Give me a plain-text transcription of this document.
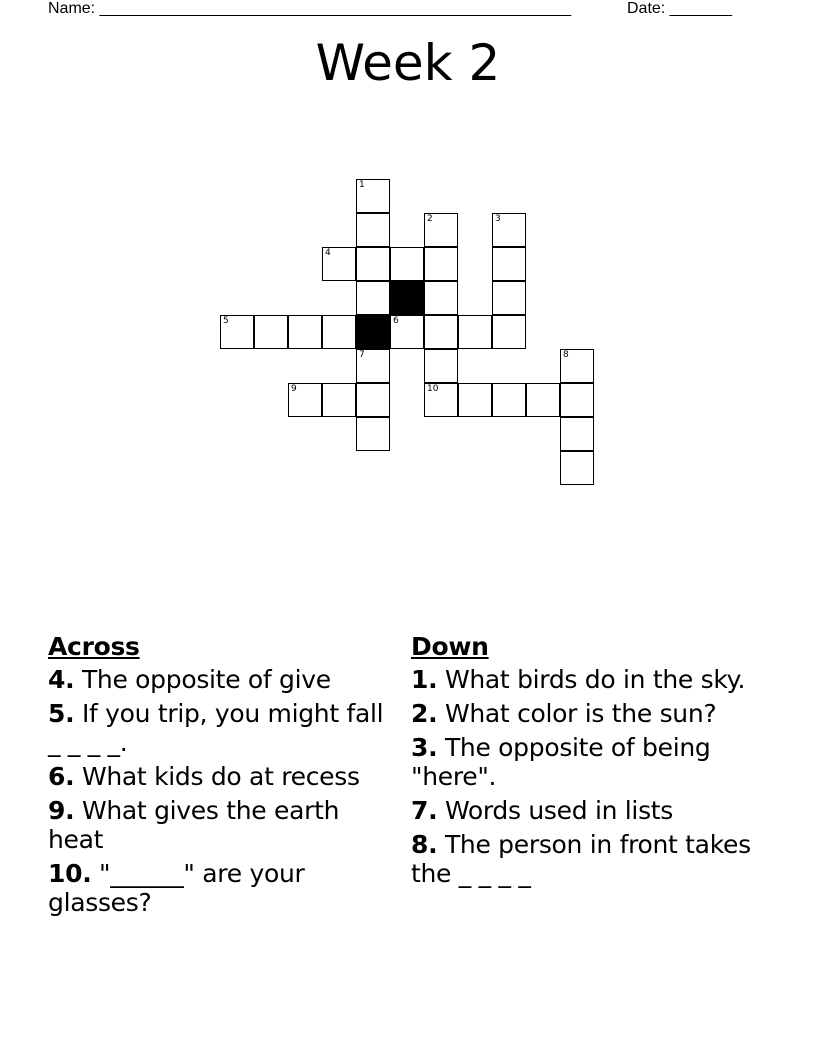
Name: _____________________________________________________	Date: _______
Week 2
1
2	3
4
5	6
7	8
9	10
Across
4. The opposite of give
5. If you trip, you might fall _ _ _ _.
6. What kids do at recess
9. What gives the earth heat
10. "______" are your glasses?
Down
1. What birds do in the sky.
2. What color is the sun?
3. The opposite of being "here".
7. Words used in lists
8. The person in front takes the _ _ _ _
